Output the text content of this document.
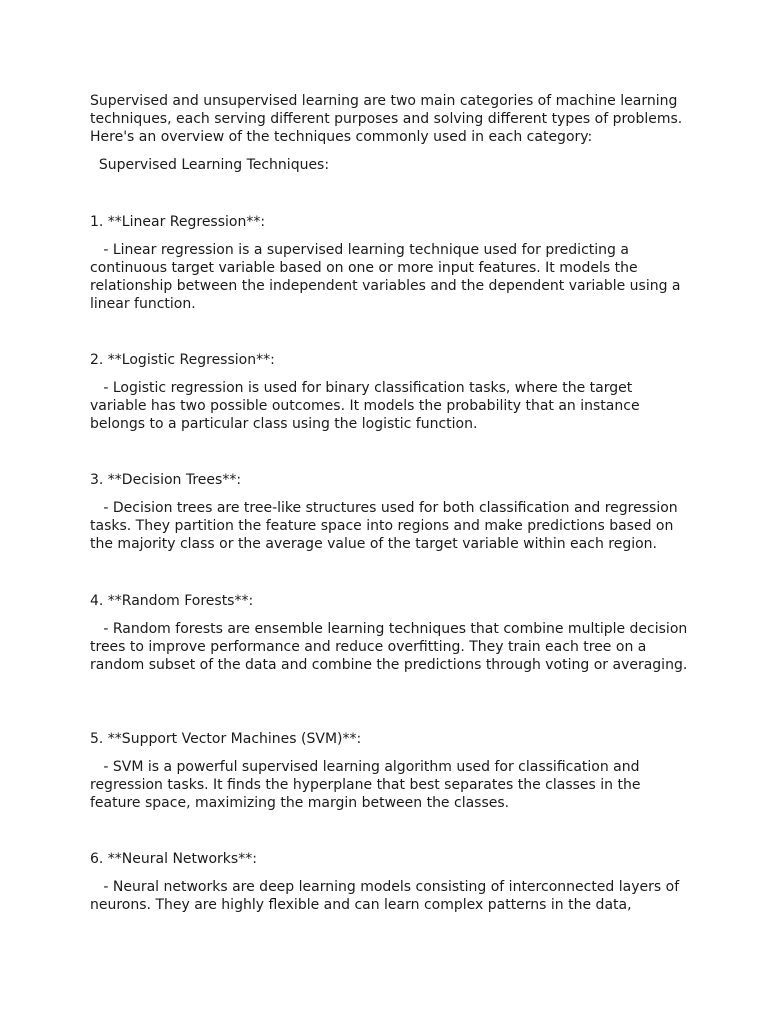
Supervised and unsupervised learning are two main categories of machine learning techniques, each serving different purposes and solving different types of problems. Here's an overview of the techniques commonly used in each category:

Supervised Learning Techniques:

1. **Linear Regression**:

- Linear regression is a supervised learning technique used for predicting a continuous target variable based on one or more input features. It models the relationship between the independent variables and the dependent variable using a linear function.

2. **Logistic Regression**:

- Logistic regression is used for binary classification tasks, where the target variable has two possible outcomes. It models the probability that an instance belongs to a particular class using the logistic function.

3. **Decision Trees**:

- Decision trees are tree-like structures used for both classification and regression tasks. They partition the feature space into regions and make predictions based on the majority class or the average value of the target variable within each region.

4. **Random Forests**:

- Random forests are ensemble learning techniques that combine multiple decision trees to improve performance and reduce overfitting. They train each tree on a random subset of the data and combine the predictions through voting or averaging.

5. **Support Vector Machines (SVM)**:

- SVM is a powerful supervised learning algorithm used for classification and regression tasks. It finds the hyperplane that best separates the classes in the feature space, maximizing the margin between the classes.

6. **Neural Networks**:

- Neural networks are deep learning models consisting of interconnected layers of neurons. They are highly flexible and can learn complex patterns in the data,
